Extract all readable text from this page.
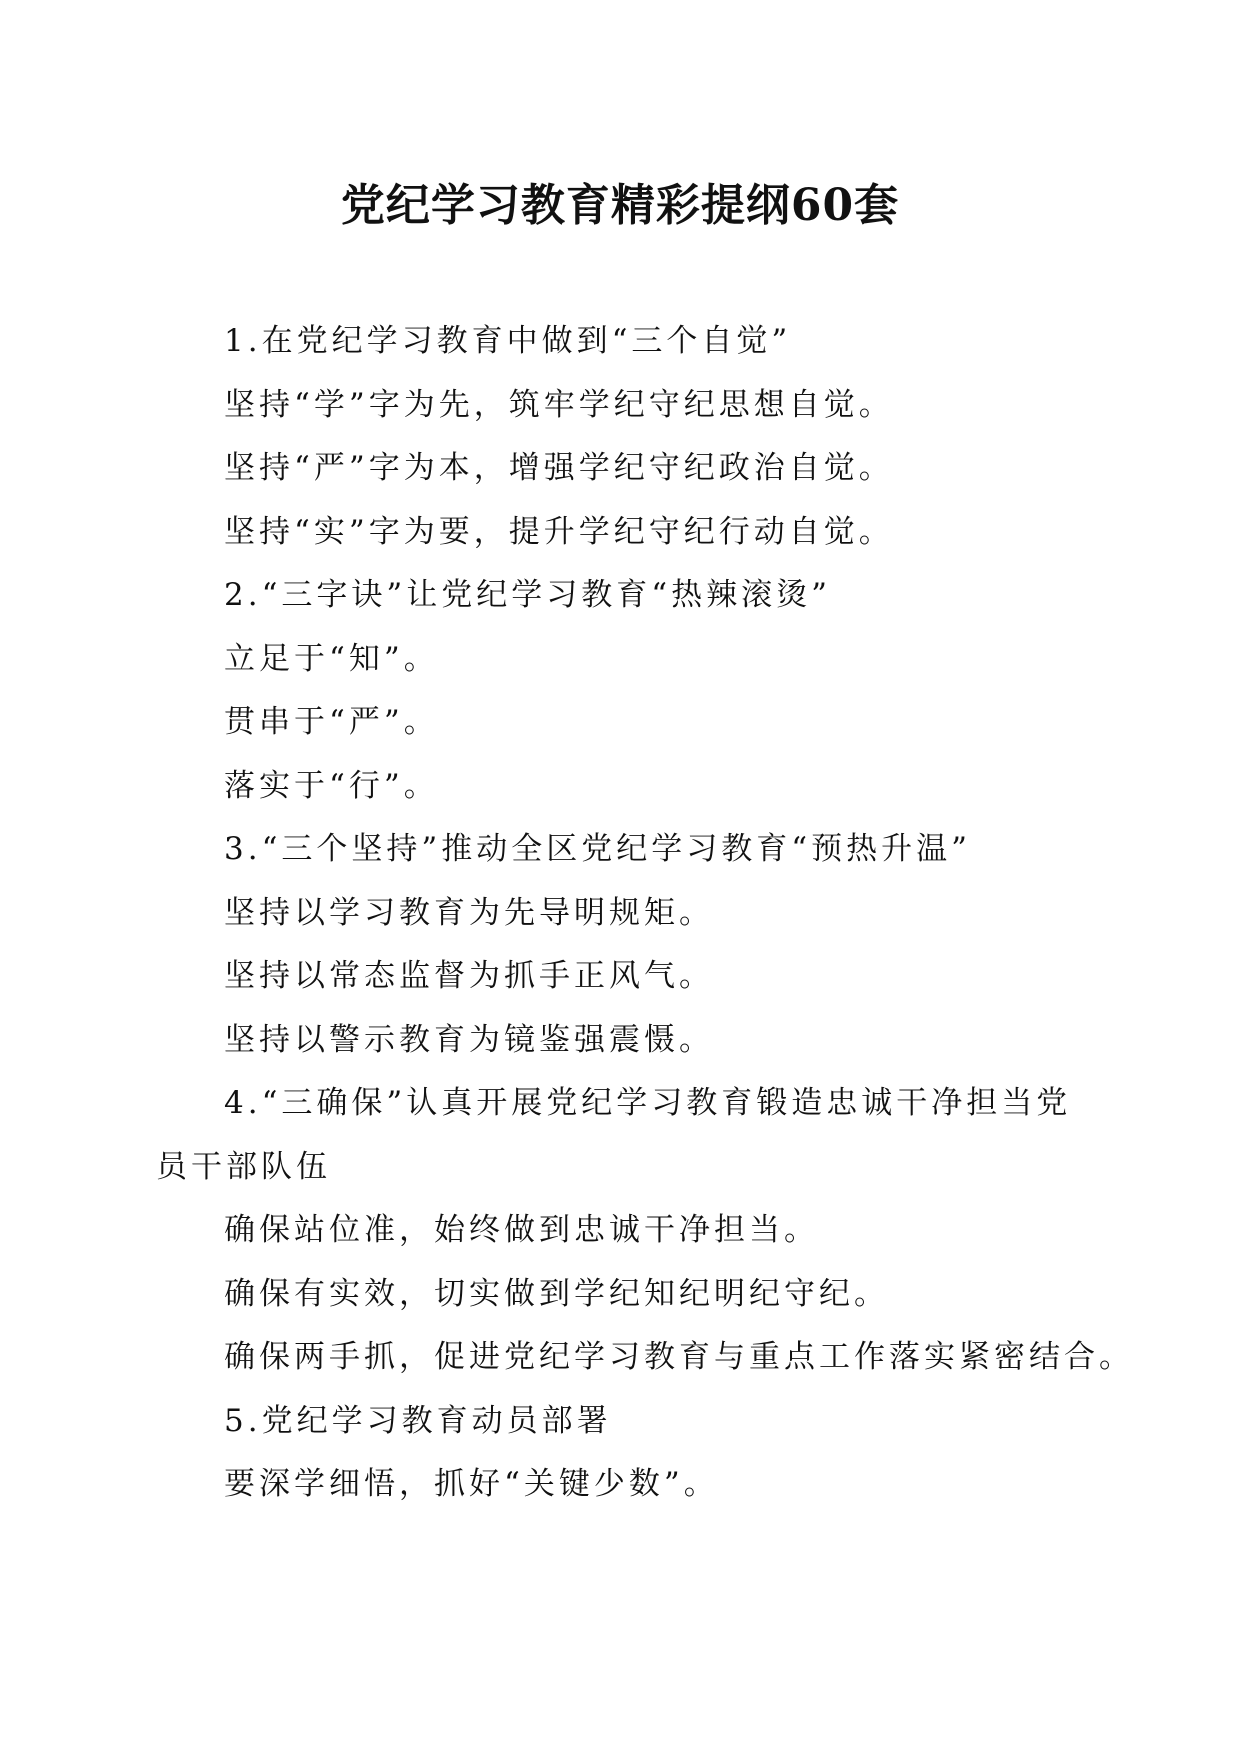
党纪学习教育精彩提纲60套
1.在党纪学习教育中做到“三个自觉”
坚持“学”字为先，筑牢学纪守纪思想自觉。
坚持“严”字为本，增强学纪守纪政治自觉。
坚持“实”字为要，提升学纪守纪行动自觉。
2.“三字诀”让党纪学习教育“热辣滚烫”
立足于“知”。
贯串于“严”。
落实于“行”。
3.“三个坚持”推动全区党纪学习教育“预热升温”
坚持以学习教育为先导明规矩。
坚持以常态监督为抓手正风气。
坚持以警示教育为镜鉴强震慑。
4.“三确保”认真开展党纪学习教育锻造忠诚干净担当党员干部队伍
确保站位准，始终做到忠诚干净担当。
确保有实效，切实做到学纪知纪明纪守纪。
确保两手抓，促进党纪学习教育与重点工作落实紧密结合。
5.党纪学习教育动员部署
要深学细悟，抓好“关键少数”。
